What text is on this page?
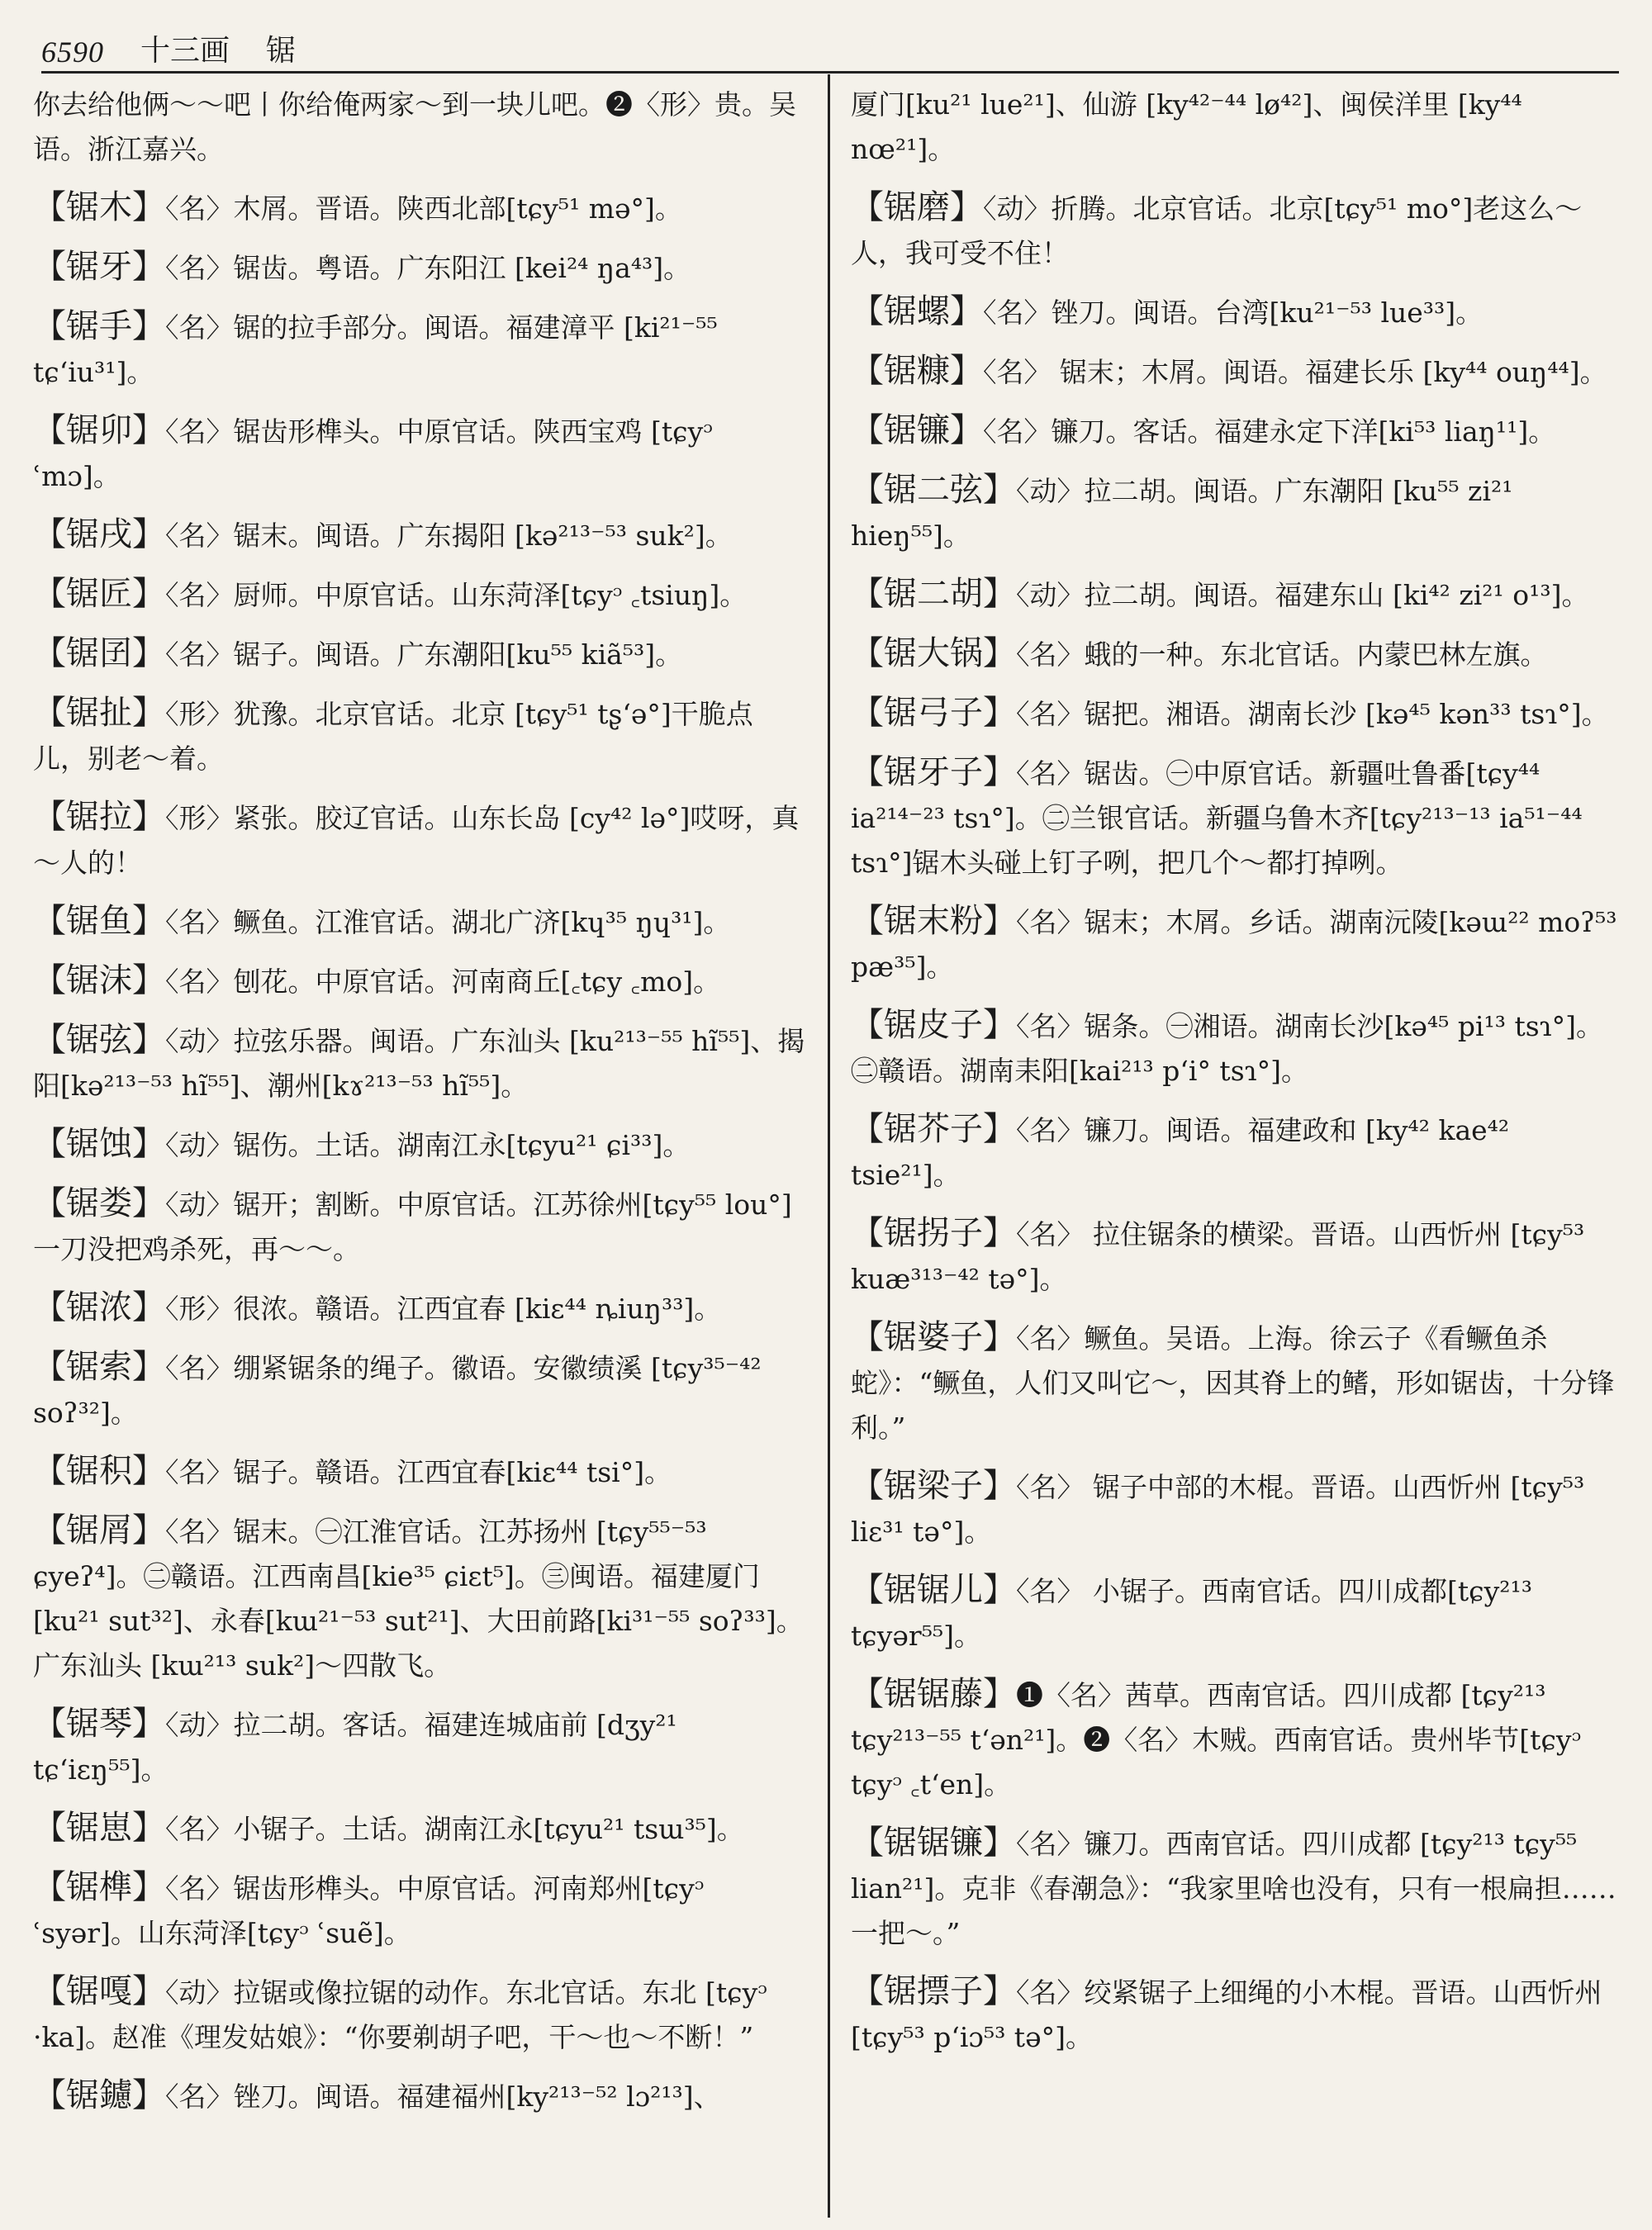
6590 十三画 锯
你去给他俩～～吧丨你给俺两家～到一块儿吧。❷〈形〉贵。吴语。浙江嘉兴。
【锯木】〈名〉木屑。晋语。陕西北部[tɕy⁵¹ mə°]。
【锯牙】〈名〉锯齿。粤语。广东阳江 [kei²⁴ ŋa⁴³]。
【锯手】〈名〉锯的拉手部分。闽语。福建漳平 [ki²¹⁻⁵⁵ tɕʻiu³¹]。
【锯卯】〈名〉锯齿形榫头。中原官话。陕西宝鸡 [tɕyᵓ ʿmɔ]。
【锯戌】〈名〉锯末。闽语。广东揭阳 [kə²¹³⁻⁵³ suk²]。
【锯匠】〈名〉厨师。中原官话。山东菏泽[tɕyᵓ ꜀tsiuŋ]。
【锯囝】〈名〉锯子。闽语。广东潮阳[ku⁵⁵ kiã⁵³]。
【锯扯】〈形〉犹豫。北京官话。北京 [tɕy⁵¹ tʂʻə°]干脆点儿，别老～着。
【锯拉】〈形〉紧张。胶辽官话。山东长岛 [cy⁴² lə°]哎呀，真～人的！
【锯鱼】〈名〉鳜鱼。江淮官话。湖北广济[kɥ³⁵ ŋɥ³¹]。
【锯沫】〈名〉刨花。中原官话。河南商丘[꜀tɕy ꜀mo]。
【锯弦】〈动〉拉弦乐器。闽语。广东汕头 [ku²¹³⁻⁵⁵ hĩ⁵⁵]、揭阳[kə²¹³⁻⁵³ hĩ⁵⁵]、潮州[kɤ²¹³⁻⁵³ hĩ⁵⁵]。
【锯蚀】〈动〉锯伤。土话。湖南江永[tɕyu²¹ ɕi³³]。
【锯娄】〈动〉锯开；割断。中原官话。江苏徐州[tɕy⁵⁵ lou°]一刀没把鸡杀死，再～～。
【锯浓】〈形〉很浓。赣语。江西宜春 [kiɛ⁴⁴ ȵiuŋ³³]。
【锯索】〈名〉绷紧锯条的绳子。徽语。安徽绩溪 [tɕy³⁵⁻⁴² soʔ³²]。
【锯积】〈名〉锯子。赣语。江西宜春[kiɛ⁴⁴ tsi°]。
【锯屑】〈名〉锯末。㊀江淮官话。江苏扬州 [tɕy⁵⁵⁻⁵³ ɕyeʔ⁴]。㊁赣语。江西南昌[kie³⁵ ɕiɛt⁵]。㊂闽语。福建厦门[ku²¹ sut³²]、永春[kɯ²¹⁻⁵³ sut²¹]、大田前路[ki³¹⁻⁵⁵ soʔ³³]。广东汕头 [kɯ²¹³ suk²]～四散飞。
【锯琴】〈动〉拉二胡。客话。福建连城庙前 [dʒy²¹ tɕʻiɛŋ⁵⁵]。
【锯崽】〈名〉小锯子。土话。湖南江永[tɕyu²¹ tsɯ³⁵]。
【锯榫】〈名〉锯齿形榫头。中原官话。河南郑州[tɕyᵓ ʿsyər]。山东菏泽[tɕyᵓ ʿsuẽ]。
【锯嘎】〈动〉拉锯或像拉锯的动作。东北官话。东北 [tɕyᵓ ·ka]。赵准《理发姑娘》：“你要剃胡子吧，干～也～不断！”
【锯鑢】〈名〉锉刀。闽语。福建福州[ky²¹³⁻⁵² lɔ²¹³]、
厦门[ku²¹ lue²¹]、仙游 [ky⁴²⁻⁴⁴ lø⁴²]、闽侯洋里 [ky⁴⁴ nœ²¹]。
【锯磨】〈动〉折腾。北京官话。北京[tɕy⁵¹ mo°]老这么～人，我可受不住！
【锯螺】〈名〉锉刀。闽语。台湾[ku²¹⁻⁵³ lue³³]。
【锯糠】〈名〉 锯末；木屑。闽语。福建长乐 [ky⁴⁴ ouŋ⁴⁴]。
【锯镰】〈名〉镰刀。客话。福建永定下洋[ki⁵³ liaŋ¹¹]。
【锯二弦】〈动〉拉二胡。闽语。广东潮阳 [ku⁵⁵ zi²¹ hieŋ⁵⁵]。
【锯二胡】〈动〉拉二胡。闽语。福建东山 [ki⁴² zi²¹ o¹³]。
【锯大锅】〈名〉蛾的一种。东北官话。内蒙巴林左旗。
【锯弓子】〈名〉锯把。湘语。湖南长沙 [kə⁴⁵ kən³³ tsɿ°]。
【锯牙子】〈名〉锯齿。㊀中原官话。新疆吐鲁番[tɕy⁴⁴ ia²¹⁴⁻²³ tsɿ°]。㊁兰银官话。新疆乌鲁木齐[tɕy²¹³⁻¹³ ia⁵¹⁻⁴⁴ tsɿ°]锯木头碰上钉子咧，把几个～都打掉咧。
【锯末粉】〈名〉锯末；木屑。乡话。湖南沅陵[kəɯ²² moʔ⁵³ pæ³⁵]。
【锯皮子】〈名〉锯条。㊀湘语。湖南长沙[kə⁴⁵ pi¹³ tsɿ°]。㊁赣语。湖南耒阳[kai²¹³ pʻi° tsɿ°]。
【锯芥子】〈名〉镰刀。闽语。福建政和 [ky⁴² kae⁴² tsie²¹]。
【锯拐子】〈名〉 拉住锯条的横梁。晋语。山西忻州 [tɕy⁵³ kuæ³¹³⁻⁴² tə°]。
【锯婆子】〈名〉鳜鱼。吴语。上海。徐云子《看鳜鱼杀蛇》：“鳜鱼，人们又叫它～，因其脊上的鳍，形如锯齿，十分锋利。”
【锯梁子】〈名〉 锯子中部的木棍。晋语。山西忻州 [tɕy⁵³ liɛ³¹ tə°]。
【锯锯儿】〈名〉 小锯子。西南官话。四川成都[tɕy²¹³ tɕyər⁵⁵]。
【锯锯藤】❶〈名〉茜草。西南官话。四川成都 [tɕy²¹³ tɕy²¹³⁻⁵⁵ tʻən²¹]。❷〈名〉木贼。西南官话。贵州毕节[tɕyᵓ tɕyᵓ ꜀tʻen]。
【锯锯镰】〈名〉镰刀。西南官话。四川成都 [tɕy²¹³ tɕy⁵⁵ lian²¹]。克非《春潮急》：“我家里啥也没有，只有一根扁担……一把～。”
【锯摽子】〈名〉绞紧锯子上细绳的小木棍。晋语。山西忻州[tɕy⁵³ pʻiɔ⁵³ tə°]。
